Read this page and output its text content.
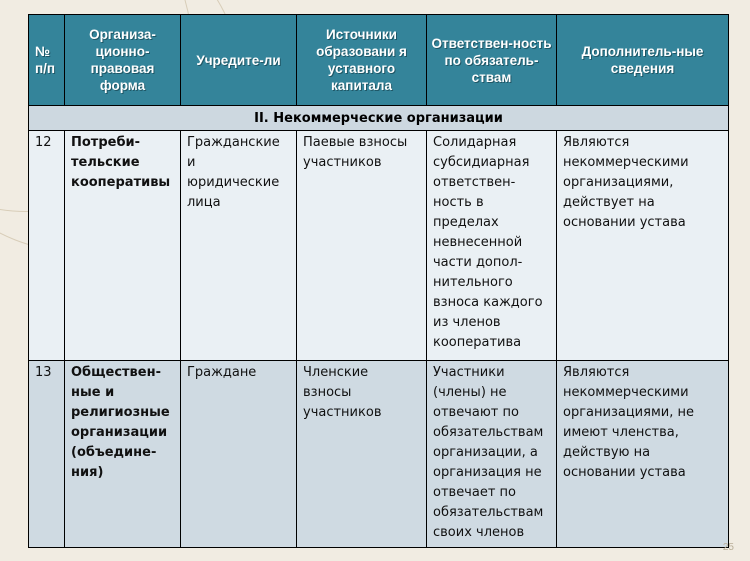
№ п/п	Организа-ционно-правовая форма	Учредите-ли	Источники образовани я уставного капитала	Ответствен-ность по обязатель-ствам	Дополнитель-ные сведения
II. Некоммерческие организации					
12	Потреби-тельские кооперативы	Гражданские и юридические лица	Паевые взносы участников	Солидарная субсидиарная ответствен-ность в пределах невнесенной части допол-нительного взноса каждого из членов кооператива	Являются некоммерческими организациями, действует на основании устава
13	Обществен-ные и религиозные организации (объедине-ния)	Граждане	Членские взносы участников	Участники (члены) не отвечают по обязательствам организации, а организация не отвечает по обязательствам своих членов	Являются некоммерческими организациями, не имеют членства, действую на основании устава
25
